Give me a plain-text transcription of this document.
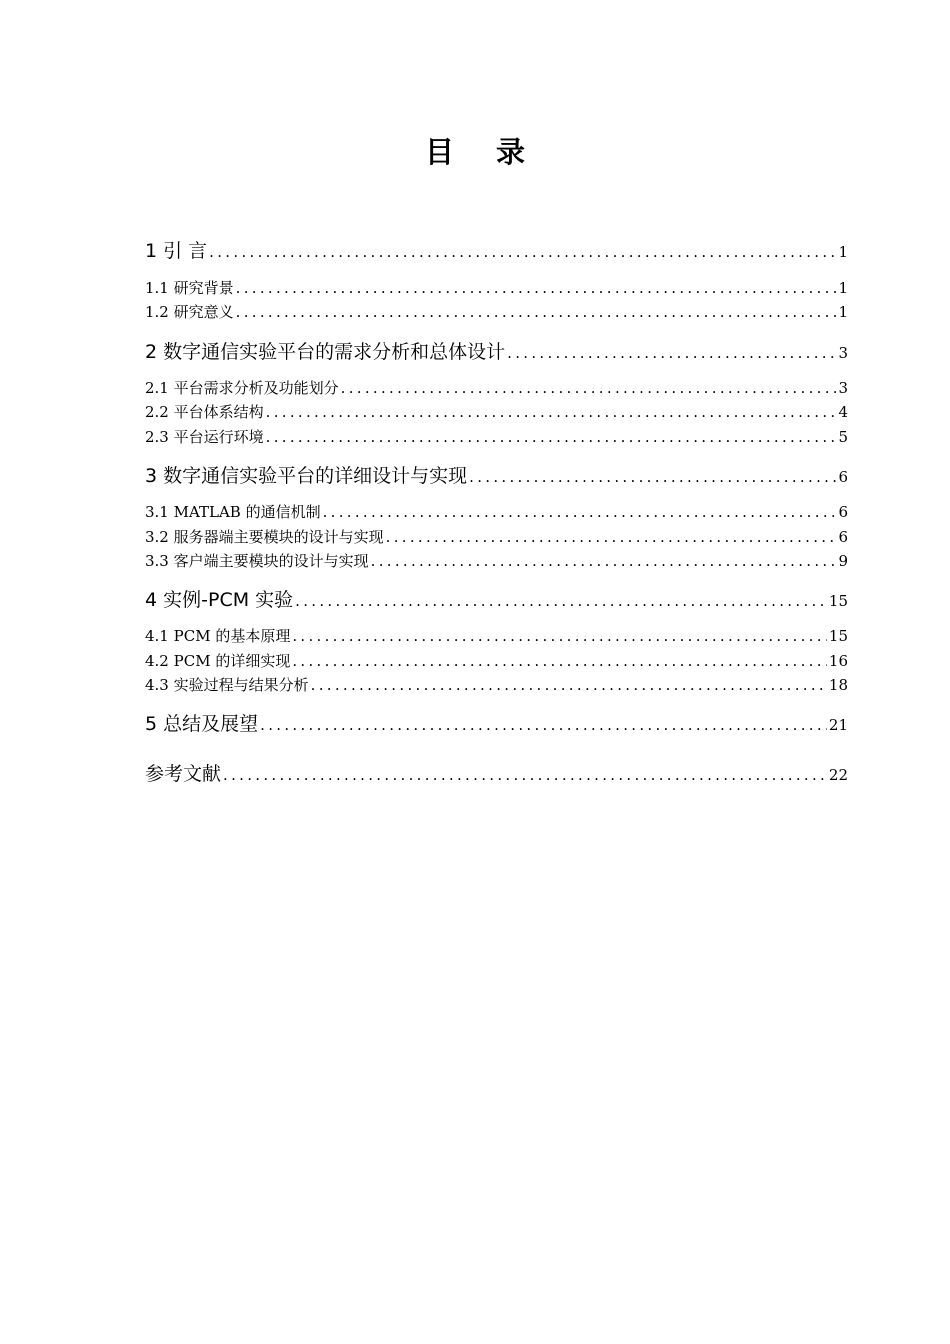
目 录
1 引 言 .....	1
1.1 研究背景 .....	1
1.2 研究意义 .....	1
2 数字通信实验平台的需求分析和总体设计 .....	3
2.1 平台需求分析及功能划分 .....	3
2.2 平台体系结构 .....	4
2.3 平台运行环境 .....	5
3 数字通信实验平台的详细设计与实现 .....	6
3.1 MATLAB 的通信机制 .....	6
3.2 服务器端主要模块的设计与实现 .....	6
3.3 客户端主要模块的设计与实现 .....	9
4 实例-PCM 实验 .....	15
4.1 PCM 的基本原理 .....	15
4.2 PCM 的详细实现 .....	16
4.3 实验过程与结果分析 .....	18
5 总结及展望 .....	21
参考文献 .....	22
